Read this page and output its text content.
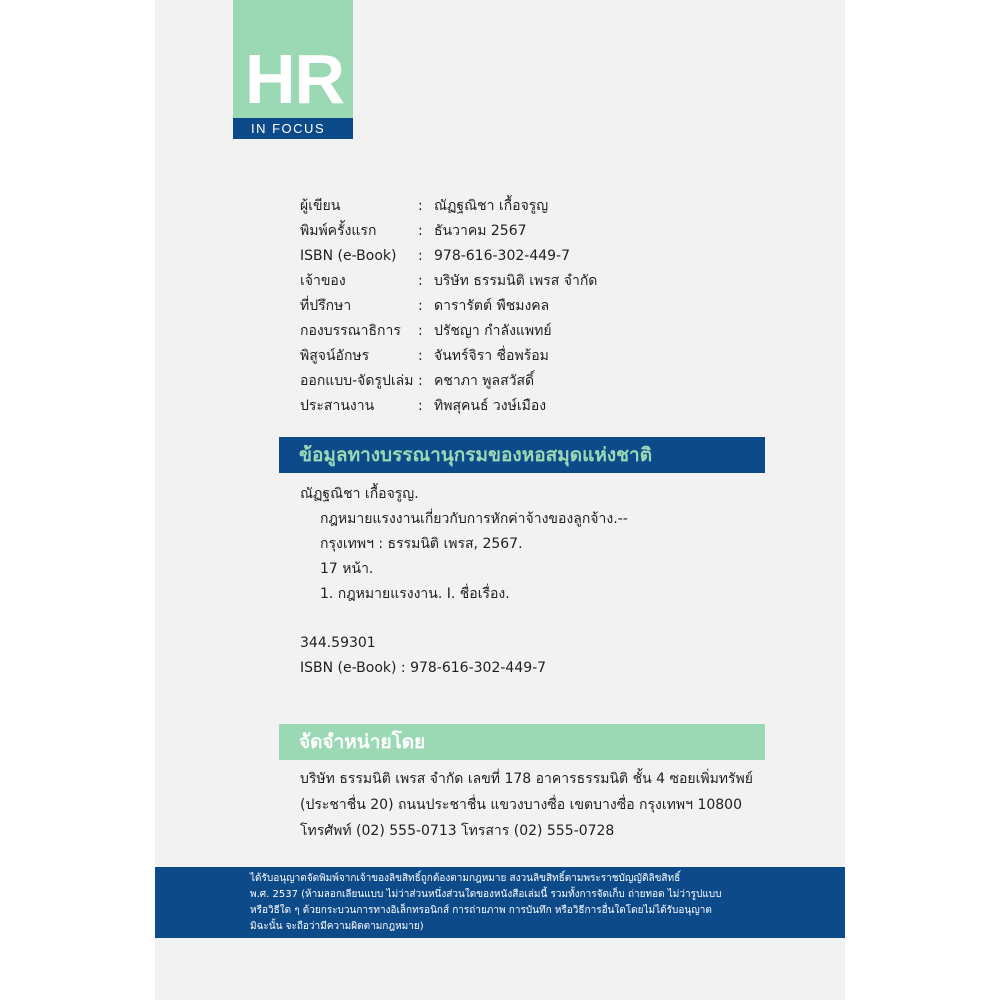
HR
IN FOCUS
ผู้เขียน	: ณัฏฐณิชา เกื้อจรูญ
พิมพ์ครั้งแรก	: ธันวาคม 2567
ISBN (e-Book)	: 978-616-302-449-7
เจ้าของ	: บริษัท ธรรมนิติ เพรส จำกัด
ที่ปรึกษา	: ดารารัตต์ พืชมงคล
กองบรรณาธิการ	: ปรัชญา กำลังแพทย์
พิสูจน์อักษร	: จันทร์จิรา ชื่อพร้อม
ออกแบบ-จัดรูปเล่ม : คชาภา พูลสวัสดิ์
ประสานงาน	: ทิพสุคนธ์ วงษ์เมือง
ข้อมูลทางบรรณานุกรมของหอสมุดแห่งชาติ
ณัฏฐณิชา เกื้อจรูญ.
กฎหมายแรงงานเกี่ยวกับการหักค่าจ้างของลูกจ้าง.--
กรุงเทพฯ : ธรรมนิติ เพรส, 2567.
17 หน้า.
1. กฎหมายแรงงาน. I. ชื่อเรื่อง.
344.59301
ISBN (e-Book) : 978-616-302-449-7
จัดจำหน่ายโดย
บริษัท ธรรมนิติ เพรส จำกัด เลขที่ 178 อาคารธรรมนิติ ชั้น 4 ซอยเพิ่มทรัพย์
(ประชาชื่น 20) ถนนประชาชื่น แขวงบางซื่อ เขตบางซื่อ กรุงเทพฯ 10800
โทรศัพท์ (02) 555-0713 โทรสาร (02) 555-0728
ได้รับอนุญาตจัดพิมพ์จากเจ้าของลิขสิทธิ์ถูกต้องตามกฎหมาย สงวนลิขสิทธิ์ตามพระราชบัญญัติลิขสิทธิ์
พ.ศ. 2537 (ห้ามลอกเลียนแบบ ไม่ว่าส่วนหนึ่งส่วนใดของหนังสือเล่มนี้ รวมทั้งการจัดเก็บ ถ่ายทอด ไม่ว่ารูปแบบ
หรือวิธีใด ๆ ด้วยกระบวนการทางอิเล็กทรอนิกส์ การถ่ายภาพ การบันทึก หรือวิธีการอื่นใดโดยไม่ได้รับอนุญาต
มิฉะนั้น จะถือว่ามีความผิดตามกฎหมาย)
